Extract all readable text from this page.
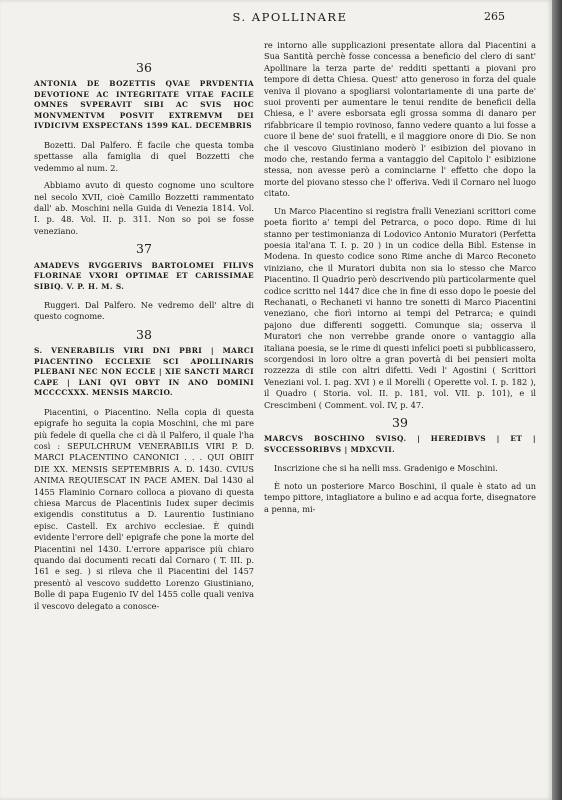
S. APOLLINARE	265
36
ANTONIA DE BOZETTIS QVAE PRVDENTIA DEVOTIONE AC INTEGRITATE VITAE FACILE OMNES SVPERAVIT SIBI AC SVIS HOC MONVMENTVM POSVIT EXTREMVM DEI IVDICIVM EXSPECTANS 1599 KAL. DECEMBRIS

Bozetti. Dal Palfero. È facile che questa tomba spettasse alla famiglia di quel Bozzetti che vedemmo al num. 2.

Abbiamo avuto di questo cognome uno scultore nel secolo XVII, cioè Camillo Bozzetti rammentato dall' ab. Moschini nella Guida di Venezia 1814. Vol. I. p. 48. Vol. II. p. 311. Non so poi se fosse veneziano.

37
AMADEVS RVGGERIVS BARTOLOMEI FILIVS FLORINAE VXORI OPTIMAE ET CARISSIMAE SIBIQ. V. P. H. M. S.

Ruggeri. Dal Palfero. Ne vedremo dell' altre di questo cognome.

38
S. VENERABILIS VIRI DNI PBRI | MARCI PIACENTINO ECCLEXIE SCI APOLLINARIS PLEBANI NEC NON ECCLE | XIE SANCTI MARCI CAPE | LANI QVI OBYT IN ANO DOMINI MCCCCXXX. MENSIS MARCIO.

Piacentini, o Piacentino. Nella copia di questa epigrafe ho seguita la copia Moschini, che mi pare più fedele di quella che ci dà il Palfero, il quale l'ha così : SEPULCHRUM VENERABILIS VIRI P. D. MARCI PLACENTINO CANONICI . . . QUI OBIIT DIE XX. MENSIS SEPTEMBRIS A. D. 1430. CVIUS ANIMA REQUIESCAT IN PACE AMEN. Dal 1430 al 1455 Flaminio Cornaro colloca a piovano di questa chiesa Marcus de Placentinis Iudex super decimis exigendis constitutus a D. Laurentio Iustiniano episc. Castell. Ex archivo ecclesiae. È quindi evidente l'errore dell' epigrafe che pone la morte del Piacentini nel 1430. L'errore apparisce più chiaro quando dai documenti recati dal Cornaro ( T. III. p. 161 e seg. ) si rileva che il Piacentini del 1457 presentò al vescovo suddetto Lorenzo Giustiniano, Bolle di papa Eugenio IV del 1455 colle quali veniva il vescovo delegato a conosce-

re intorno alle supplicazioni presentate allora dal Piacentini a Sua Santità perchè fosse concessa a beneficio del clero di sant' Apollinare la terza parte de' redditi spettanti a piovani pro tempore di detta Chiesa. Quest' atto generoso in forza del quale veniva il piovano a spogliarsi volontariamente di una parte de' suoi proventi per aumentare le tenui rendite de beneficii della Chiesa, e l' avere esborsata egli grossa somma di danaro per rifabbricare il tempio rovinoso, fanno vedere quanto a lui fosse a cuore il bene de' suoi fratelli, e il maggiore onore di Dio. Se non che il vescovo Giustiniano moderò l' esibizion del piovano in modo che, restando ferma a vantaggio del Capitolo l' esibizione stessa, non avesse però a cominciarne l' effetto che dopo la morte del piovano stesso che l' offeriva. Vedi il Cornaro nel luogo citato.

Un Marco Piacentino si registra fralli Veneziani scrittori come poeta fiorito a' tempi del Petrarca, o poco dopo. Rime di lui stanno per testimonianza di Lodovico Antonio Muratori (Perfetta poesia ital'ana T. I. p. 20 ) in un codice della Bibl. Estense in Modena. In questo codice sono Rime anche di Marco Reconeto viniziano, che il Muratori dubita non sia lo stesso che Marco Piacentino. Il Quadrio però descrivendo più particolarmente quel codice scritto nel 1447 dice che in fine di esso dopo le poesie del Rechanati, o Rechaneti vi hanno tre sonetti di Marco Piacentini veneziano, che fiorì intorno ai tempi del Petrarca; e quindi pajono due differenti soggetti. Comunque sia; osserva il Muratori che non verrebbe grande onore o vantaggio alla italiana poesia, se le rime di questi infelici poeti si pubblicassero, scorgendosi in loro oltre a gran povertà di bei pensieri molta rozzezza di stile con altri difetti. Vedi l' Agostini ( Scrittori Veneziani vol. I. pag. XVI ) e il Morelli ( Operette vol. I. p. 182 ), il Quadro ( Storia. vol. II. p. 181, vol. VII. p. 101), e il Crescimbeni ( Comment. vol. IV, p. 47.

39
MARCVS BOSCHINO SVISQ. | HEREDIBVS | ET | SVCCESSORIBVS | MDXCVII.

Inscrizione che si ha nelli mss. Gradenigo e Moschini.

È noto un posteriore Marco Boschini, il quale è stato ad un tempo pittore, intagliatore a bulino e ad acqua forte, disegnatore a penna, mi-
